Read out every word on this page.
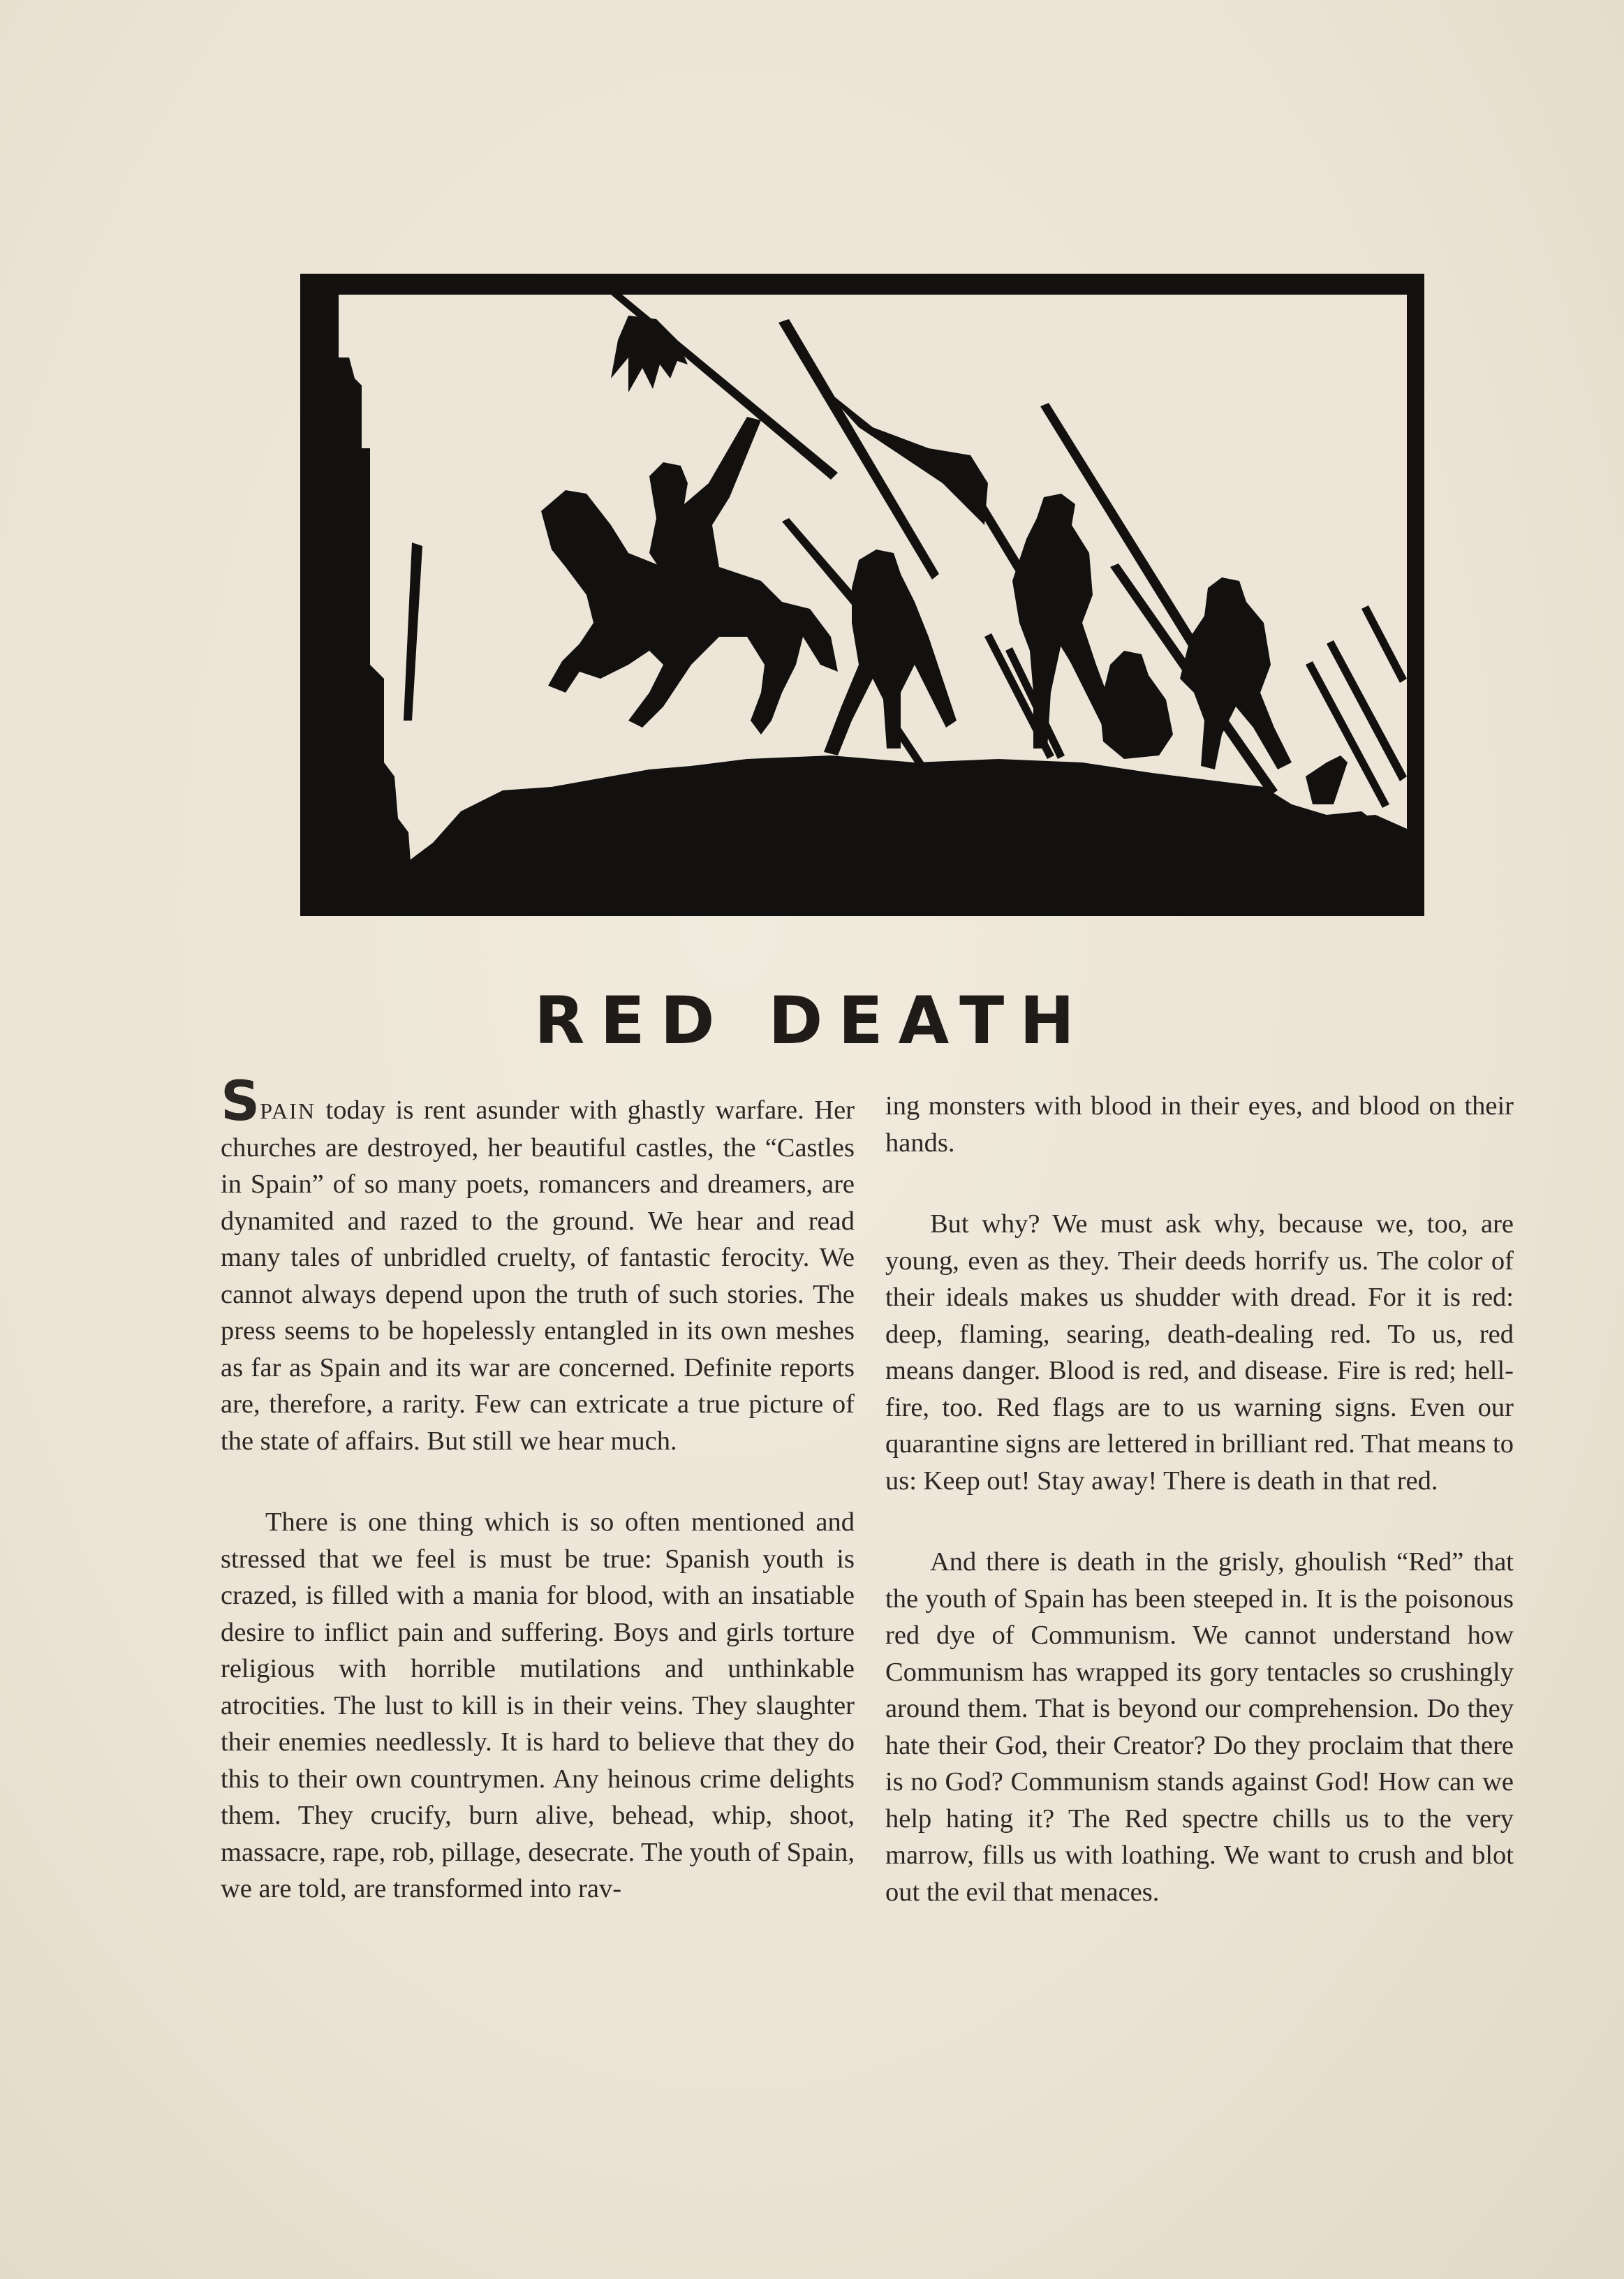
RED DEATH

SPAIN today is rent asunder with ghastly warfare. Her churches are destroyed, her beautiful castles, the “Castles in Spain” of so many poets, romancers and dreamers, are dynamited and razed to the ground. We hear and read many tales of unbridled cruelty, of fantastic ferocity. We cannot always depend upon the truth of such stories. The press seems to be hopelessly entangled in its own meshes as far as Spain and its war are concerned. Definite reports are, therefore, a rarity. Few can extricate a true picture of the state of affairs. But still we hear much.

There is one thing which is so often mentioned and stressed that we feel is must be true: Spanish youth is crazed, is filled with a mania for blood, with an insatiable desire to inflict pain and suffering. Boys and girls torture religious with horrible mutilations and unthinkable atrocities. The lust to kill is in their veins. They slaughter their enemies needlessly. It is hard to believe that they do this to their own countrymen. Any heinous crime delights them. They crucify, burn alive, behead, whip, shoot, massacre, rape, rob, pillage, desecrate. The youth of Spain, we are told, are transformed into rav-

ing monsters with blood in their eyes, and blood on their hands.

But why? We must ask why, because we, too, are young, even as they. Their deeds horrify us. The color of their ideals makes us shudder with dread. For it is red: deep, flaming, searing, death-dealing red. To us, red means danger. Blood is red, and disease. Fire is red; hell-fire, too. Red flags are to us warning signs. Even our quarantine signs are lettered in brilliant red. That means to us: Keep out! Stay away! There is death in that red.

And there is death in the grisly, ghoulish “Red” that the youth of Spain has been steeped in. It is the poisonous red dye of Communism. We cannot understand how Communism has wrapped its gory tentacles so crushingly around them. That is beyond our comprehension. Do they hate their God, their Creator? Do they proclaim that there is no God? Communism stands against God! How can we help hating it? The Red spectre chills us to the very marrow, fills us with loathing. We want to crush and blot out the evil that menaces.
